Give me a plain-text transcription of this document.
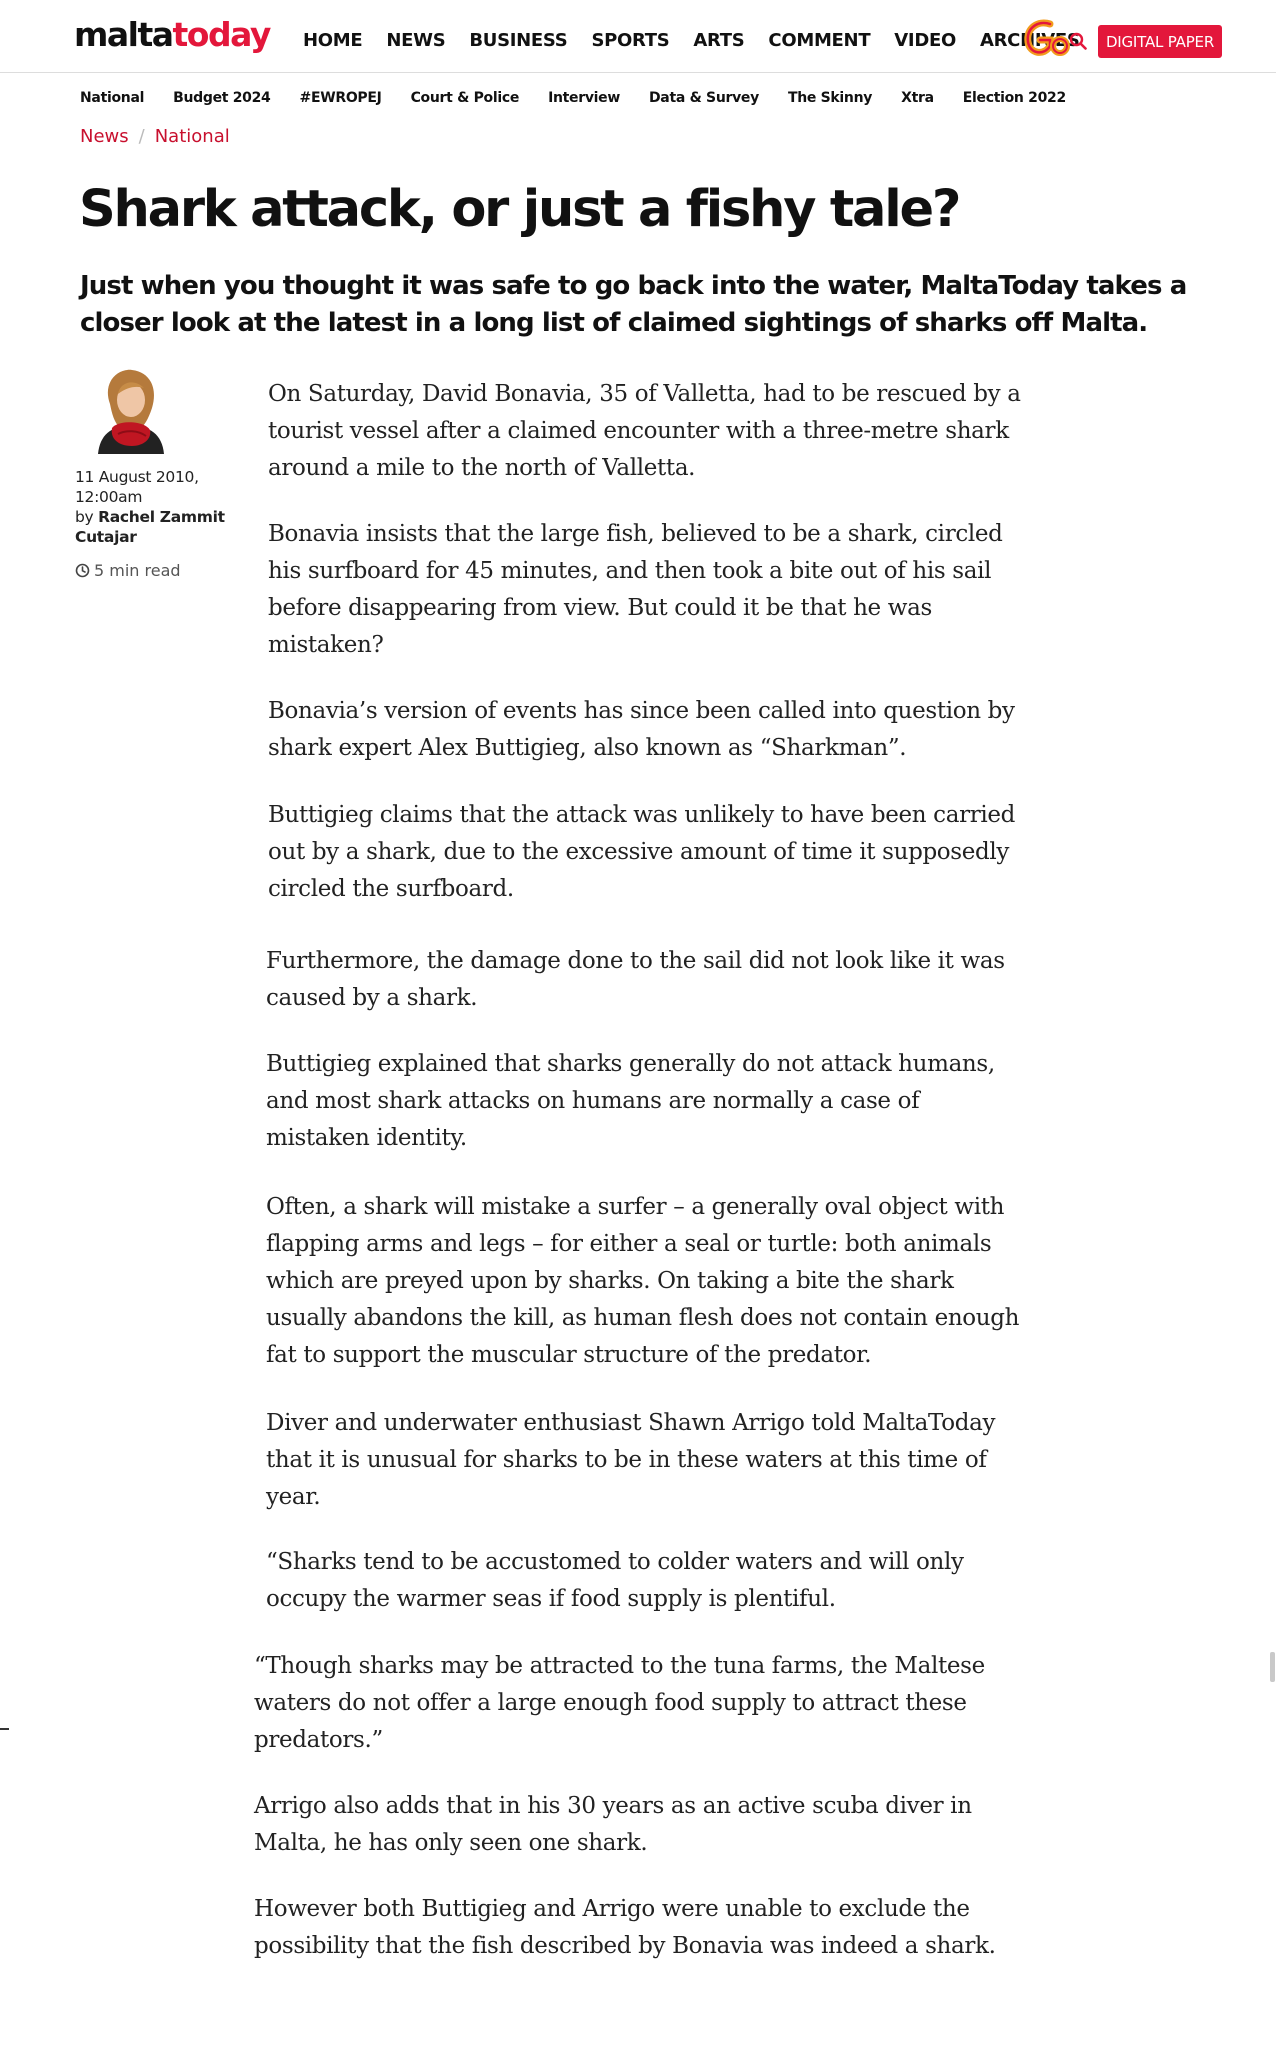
maltatoday HOME NEWS BUSINESS SPORTS ARTS COMMENT VIDEO ARCHIVES	DIGITAL PAPER
National Budget 2024 #EWROPEJ Court & Police Interview Data & Survey The Skinny Xtra Election 2022
News / National
Shark attack, or just a fishy tale?

Just when you thought it was safe to go back into the water, MaltaToday takes a closer look at the latest in a long list of claimed sightings of sharks off Malta.

11 August 2010,
12:00am
by Rachel Zammit Cutajar
5 min read

On Saturday, David Bonavia, 35 of Valletta, had to be rescued by a tourist vessel after a claimed encounter with a three-metre shark around a mile to the north of Valletta.

Bonavia insists that the large fish, believed to be a shark, circled his surfboard for 45 minutes, and then took a bite out of his sail before disappearing from view. But could it be that he was mistaken?

Bonavia’s version of events has since been called into question by shark expert Alex Buttigieg, also known as “Sharkman”.

Buttigieg claims that the attack was unlikely to have been carried out by a shark, due to the excessive amount of time it supposedly circled the surfboard.

Furthermore, the damage done to the sail did not look like it was caused by a shark.

Buttigieg explained that sharks generally do not attack humans, and most shark attacks on humans are normally a case of mistaken identity.

Often, a shark will mistake a surfer – a generally oval object with flapping arms and legs – for either a seal or turtle: both animals which are preyed upon by sharks. On taking a bite the shark usually abandons the kill, as human flesh does not contain enough fat to support the muscular structure of the predator.

Diver and underwater enthusiast Shawn Arrigo told MaltaToday that it is unusual for sharks to be in these waters at this time of year.

“Sharks tend to be accustomed to colder waters and will only occupy the warmer seas if food supply is plentiful.

“Though sharks may be attracted to the tuna farms, the Maltese waters do not offer a large enough food supply to attract these predators.”

Arrigo also adds that in his 30 years as an active scuba diver in Malta, he has only seen one shark.

However both Buttigieg and Arrigo were unable to exclude the possibility that the fish described by Bonavia was indeed a shark.
